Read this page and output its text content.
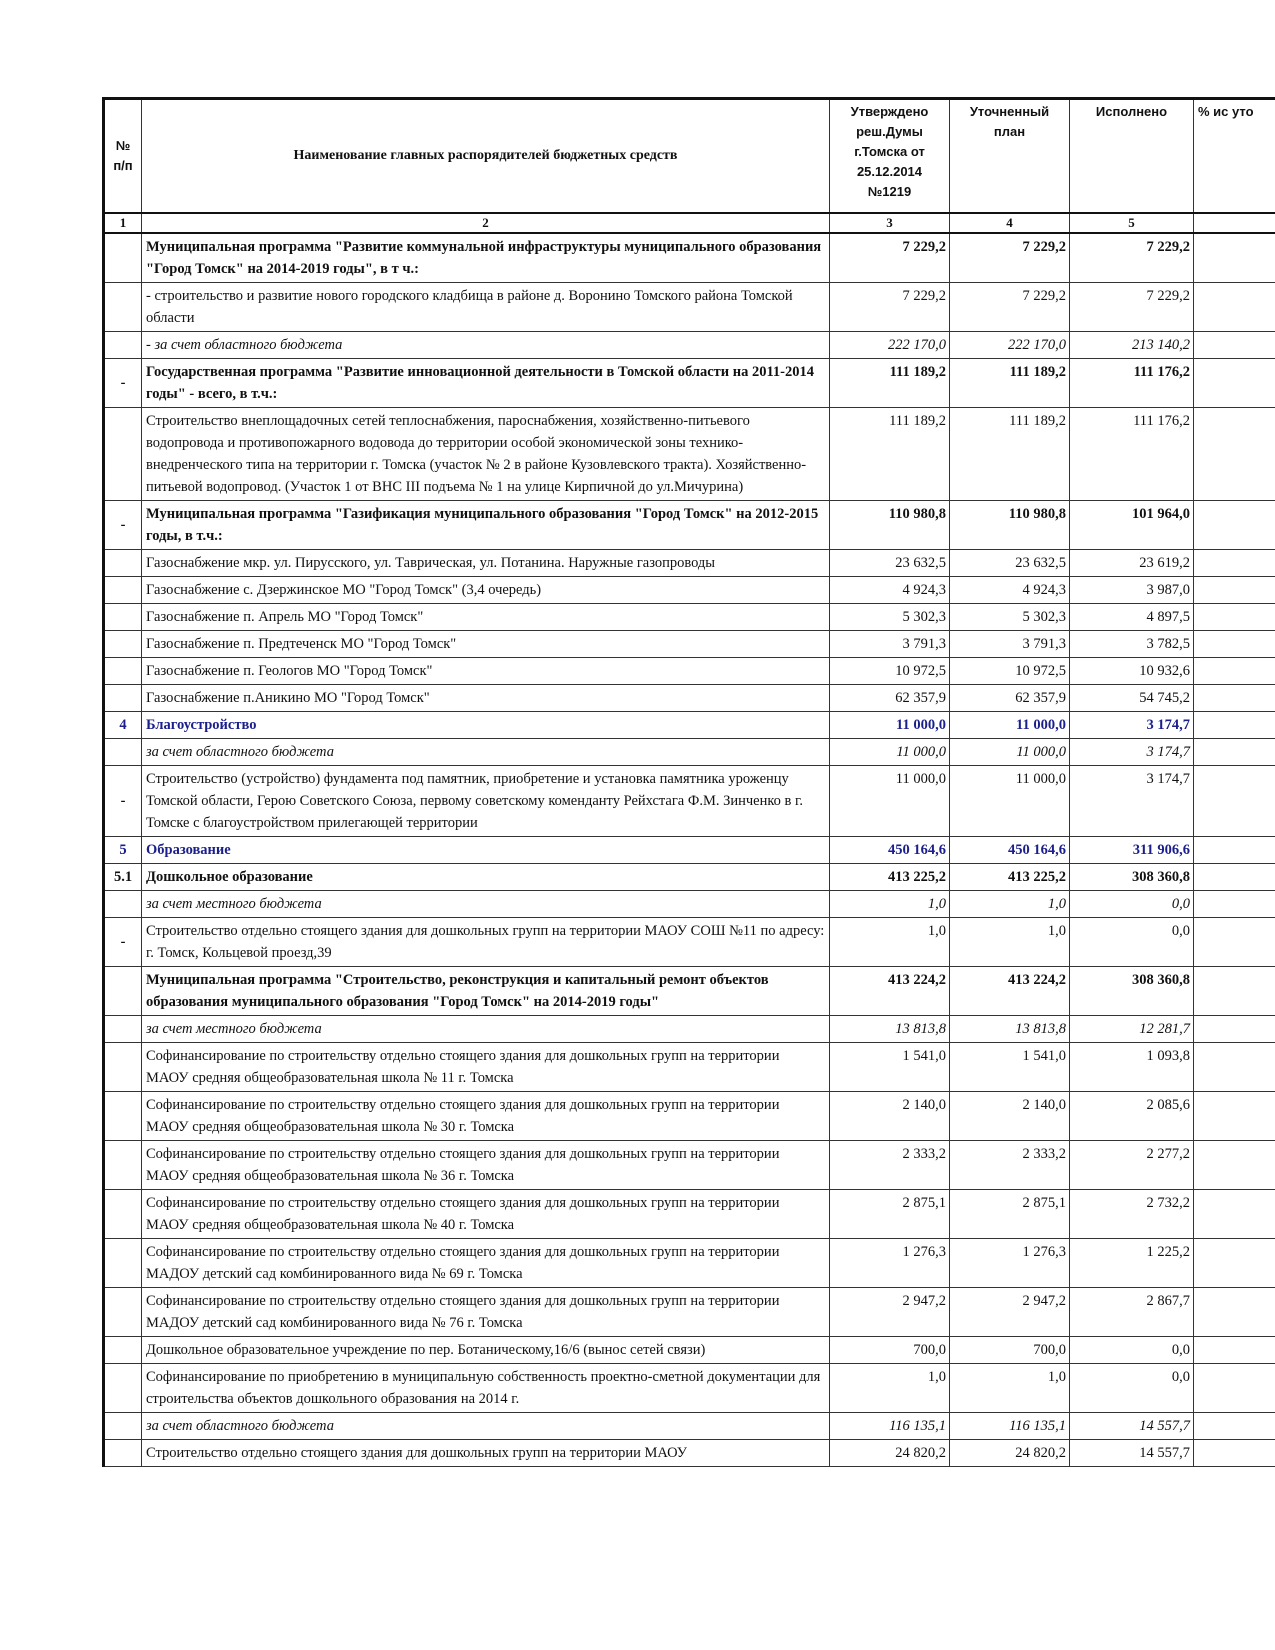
№ п/п	Наименование главных распорядителей бюджетных средств	Утверждено реш.Думы г.Томска от 25.12.2014 №1219	Уточненный план	Исполнено	% ис уто
1	2	3	4	5	
	Муниципальная программа "Развитие коммунальной инфраструктуры муниципального образования "Город Томск" на 2014-2019 годы", в т ч.:	7 229,2	7 229,2	7 229,2	
	- строительство и развитие нового городского кладбища в районе д. Воронино Томского района Томской области	7 229,2	7 229,2	7 229,2	
	- за счет областного бюджета	222 170,0	222 170,0	213 140,2	
-	Государственная программа "Развитие инновационной деятельности в Томской области на 2011-2014 годы" - всего, в т.ч.:	111 189,2	111 189,2	111 176,2	
	Строительство внеплощадочных сетей теплоснабжения, пароснабжения, хозяйственно-питьевого водопровода и противопожарного водовода до территории особой экономической зоны технико-внедренческого типа на территории г. Томска (участок № 2 в районе Кузовлевского тракта). Хозяйственно-питьевой водопровод. (Участок 1 от ВНС III подъема № 1 на улице Кирпичной до ул.Мичурина)	111 189,2	111 189,2	111 176,2	
-	Муниципальная программа "Газификация муниципального образования "Город Томск" на 2012-2015 годы, в т.ч.:	110 980,8	110 980,8	101 964,0	
	Газоснабжение мкр. ул. Пирусского, ул. Таврическая, ул. Потанина. Наружные газопроводы	23 632,5	23 632,5	23 619,2	
	Газоснабжение с. Дзержинское МО "Город Томск" (3,4 очередь)	4 924,3	4 924,3	3 987,0	
	Газоснабжение п. Апрель МО "Город Томск"	5 302,3	5 302,3	4 897,5	
	Газоснабжение п. Предтеченск МО "Город Томск"	3 791,3	3 791,3	3 782,5	
	Газоснабжение п. Геологов МО "Город Томск"	10 972,5	10 972,5	10 932,6	
	Газоснабжение п.Аникино МО "Город Томск"	62 357,9	62 357,9	54 745,2	
4	Благоустройство	11 000,0	11 000,0	3 174,7	
	за счет областного бюджета	11 000,0	11 000,0	3 174,7	
-	Строительство (устройство) фундамента под памятник, приобретение и установка памятника уроженцу Томской области, Герою Советского Союза, первому советскому коменданту Рейхстага Ф.М. Зинченко в г. Томске с благоустройством прилегающей территории	11 000,0	11 000,0	3 174,7	
5	Образование	450 164,6	450 164,6	311 906,6	
5.1	Дошкольное образование	413 225,2	413 225,2	308 360,8	
	за счет местного бюджета	1,0	1,0	0,0	
-	Строительство отдельно стоящего здания для дошкольных групп на территории МАОУ СОШ №11 по адресу: г. Томск, Кольцевой проезд,39	1,0	1,0	0,0	
	Муниципальная программа "Строительство, реконструкция и капитальный ремонт объектов образования муниципального образования "Город Томск" на 2014-2019 годы"	413 224,2	413 224,2	308 360,8	
	за счет местного бюджета	13 813,8	13 813,8	12 281,7	
	Софинансирование по строительству отдельно стоящего здания для дошкольных групп на территории МАОУ средняя общеобразовательная школа № 11 г. Томска	1 541,0	1 541,0	1 093,8	
	Софинансирование по строительству отдельно стоящего здания для дошкольных групп на территории МАОУ средняя общеобразовательная школа № 30 г. Томска	2 140,0	2 140,0	2 085,6	
	Софинансирование по строительству отдельно стоящего здания для дошкольных групп на территории МАОУ средняя общеобразовательная школа № 36 г. Томска	2 333,2	2 333,2	2 277,2	
	Софинансирование по строительству отдельно стоящего здания для дошкольных групп на территории МАОУ средняя общеобразовательная школа № 40 г. Томска	2 875,1	2 875,1	2 732,2	
	Софинансирование по строительству отдельно стоящего здания для дошкольных групп на территории МАДОУ детский сад комбинированного вида № 69 г. Томска	1 276,3	1 276,3	1 225,2	
	Софинансирование по строительству отдельно стоящего здания для дошкольных групп на территории МАДОУ детский сад комбинированного вида № 76 г. Томска	2 947,2	2 947,2	2 867,7	
	Дошкольное образовательное учреждение по пер. Ботаническому,16/6 (вынос сетей связи)	700,0	700,0	0,0	
	Софинансирование по приобретению в муниципальную собственность проектно-сметной документации для строительства объектов дошкольного образования на 2014 г.	1,0	1,0	0,0	
	за счет областного бюджета	116 135,1	116 135,1	14 557,7	
	Строительство отдельно стоящего здания для дошкольных групп на территории МАОУ	24 820,2	24 820,2	14 557,7	
